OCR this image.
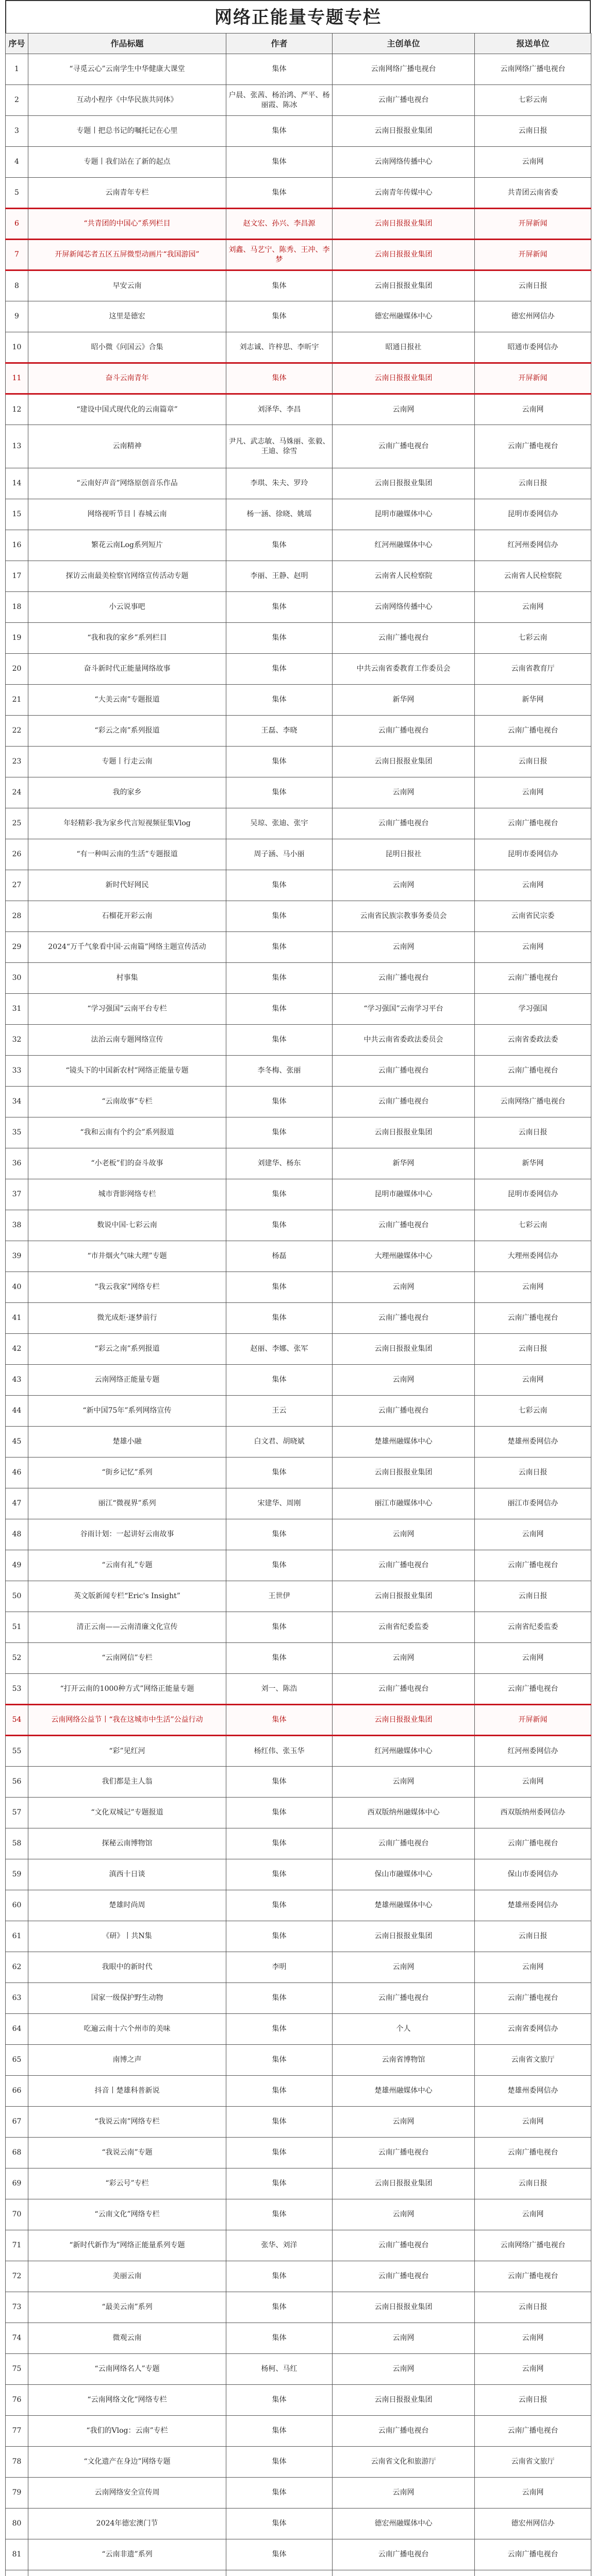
网络正能量专题专栏
序号	作品标题	作者	主创单位	报送单位
1	“寻觅云心”云南学生中华健康大课堂	集体	云南网络广播电视台	云南网络广播电视台
2	互动小程序《中华民族共同体》	户晨、张茜、杨治鸿、严平、杨丽霞、陈冰	云南广播电视台	七彩云南
3	专题丨把总书记的嘱托记在心里	集体	云南日报报业集团	云南日报
4	专题丨我们站在了新的起点	集体	云南网络传播中心	云南网
5	云南青年专栏	集体	云南青年传媒中心	共青团云南省委
6	“共青团的中国心”系列栏目	赵文宏、孙兴、李昌源	云南日报报业集团	开屏新闻
7	开屏新闻芯者五区五屏微型动画片“我国游园”	刘鑫、马艺宁、陈秀、王冲、李梦	云南日报报业集团	开屏新闻
8	早安云南	集体	云南日报报业集团	云南日报
9	这里是德宏	集体	德宏州融媒体中心	德宏州网信办
10	昭小微《问国云》合集	刘志诚、许梓思、李昕宇	昭通日报社	昭通市委网信办
11	奋斗云南青年	集体	云南日报报业集团	开屏新闻
12	“建设中国式现代化的云南篇章”	刘泽华、李昌	云南网	云南网
13	云南精神	尹凡、武志敏、马姝丽、张毅、王迪、徐雪	云南广播电视台	云南广播电视台
14	“云南好声音”网络原创音乐作品	李琪、朱夫、罗玲	云南日报报业集团	云南日报
15	网络视听节目丨春城云南	杨一涵、徐晓、姚瑶	昆明市融媒体中心	昆明市委网信办
16	繁花云南Log系列短片	集体	红河州融媒体中心	红河州委网信办
17	探访云南最美检察官网络宣传活动专题	李丽、王静、赵明	云南省人民检察院	云南省人民检察院
18	小云说事吧	集体	云南网络传播中心	云南网
19	“我和我的家乡”系列栏目	集体	云南广播电视台	七彩云南
20	奋斗新时代正能量网络故事	集体	中共云南省委教育工作委员会	云南省教育厅
21	“大美云南”专题报道	集体	新华网	新华网
22	“彩云之南”系列报道	王磊、李晓	云南广播电视台	云南广播电视台
23	专题丨行走云南	集体	云南日报报业集团	云南日报
24	我的家乡	集体	云南网	云南网
25	年轻精彩·我为家乡代言短视频征集Vlog	吴琼、张迪、张宇	云南广播电视台	云南广播电视台
26	“有一种叫云南的生活”专题报道	周子涵、马小丽	昆明日报社	昆明市委网信办
27	新时代好网民	集体	云南网	云南网
28	石榴花开彩云南	集体	云南省民族宗教事务委员会	云南省民宗委
29	2024“万千气象看中国·云南篇”网络主题宣传活动	集体	云南网	云南网
30	村事集	集体	云南广播电视台	云南广播电视台
31	“学习强国”云南平台专栏	集体	“学习强国”云南学习平台	学习强国
32	法治云南专题网络宣传	集体	中共云南省委政法委员会	云南省委政法委
33	“镜头下的中国新农村”网络正能量专题	李冬梅、张丽	云南广播电视台	云南广播电视台
34	“云南故事”专栏	集体	云南广播电视台	云南网络广播电视台
35	“我和云南有个约会”系列报道	集体	云南日报报业集团	云南日报
36	“小老板”们的奋斗故事	刘建华、杨东	新华网	新华网
37	城市背影网络专栏	集体	昆明市融媒体中心	昆明市委网信办
38	数说中国·七彩云南	集体	云南广播电视台	七彩云南
39	“市井烟火气味大理”专题	杨磊	大理州融媒体中心	大理州委网信办
40	“我云我家”网络专栏	集体	云南网	云南网
41	微光成炬·逐梦前行	集体	云南广播电视台	云南广播电视台
42	“彩云之南”系列报道	赵丽、李娜、张军	云南日报报业集团	云南日报
43	云南网络正能量专题	集体	云南网	云南网
44	“新中国75年”系列网络宣传	王云	云南广播电视台	七彩云南
45	楚雄小融	白文君、胡晓斌	楚雄州融媒体中心	楚雄州委网信办
46	“街乡记忆”系列	集体	云南日报报业集团	云南日报
47	丽江“微视界”系列	宋建华、周刚	丽江市融媒体中心	丽江市委网信办
48	谷雨计划：一起讲好云南故事	集体	云南网	云南网
49	“云南有礼”专题	集体	云南广播电视台	云南广播电视台
50	英文版新闻专栏“Eric's Insight”	王世伊	云南日报报业集团	云南日报
51	清正云南——云南清廉文化宣传	集体	云南省纪委监委	云南省纪委监委
52	“云南网信”专栏	集体	云南网	云南网
53	“打开云南的1000种方式”网络正能量专题	刘一、陈浩	云南广播电视台	云南广播电视台
54	云南网络公益节丨“我在这城市中生活”公益行动	集体	云南日报报业集团	开屏新闻
55	“彩”见红河	杨红伟、张玉华	红河州融媒体中心	红河州委网信办
56	我们都是主人翁	集体	云南网	云南网
57	“文化双城记”专题报道	集体	西双版纳州融媒体中心	西双版纳州委网信办
58	探秘云南博物馆	集体	云南广播电视台	云南广播电视台
59	滇西十日谈	集体	保山市融媒体中心	保山市委网信办
60	楚雄时尚周	集体	楚雄州融媒体中心	楚雄州委网信办
61	《研》丨共N集	集体	云南日报报业集团	云南日报
62	我眼中的新时代	李明	云南网	云南网
63	国家一级保护野生动物	集体	云南广播电视台	云南广播电视台
64	吃遍云南十六个州市的美味	集体	个人	云南省委网信办
65	南博之声	集体	云南省博物馆	云南省文旅厅
66	抖音丨楚雄科普新说	集体	楚雄州融媒体中心	楚雄州委网信办
67	“我说云南”网络专栏	集体	云南网	云南网
68	“我说云南”专题	集体	云南广播电视台	云南广播电视台
69	“彩云号”专栏	集体	云南日报报业集团	云南日报
70	“云南文化”网络专栏	集体	云南网	云南网
71	“新时代新作为”网络正能量系列专题	张华、刘洋	云南广播电视台	云南网络广播电视台
72	美丽云南	集体	云南广播电视台	云南广播电视台
73	“最美云南”系列	集体	云南日报报业集团	云南日报
74	微观云南	集体	云南网	云南网
75	“云南网络名人”专题	杨柯、马红	云南网	云南网
76	“云南网络文化”网络专栏	集体	云南日报报业集团	云南日报
77	“我们的Vlog：云南”专栏	集体	云南广播电视台	云南广播电视台
78	“文化遗产在身边”网络专题	集体	云南省文化和旅游厅	云南省文旅厅
79	云南网络安全宣传周	集体	云南网	云南网
80	2024年德宏澳门节	集体	德宏州融媒体中心	德宏州网信办
81	“云南非遗”系列	集体	云南广播电视台	云南广播电视台
